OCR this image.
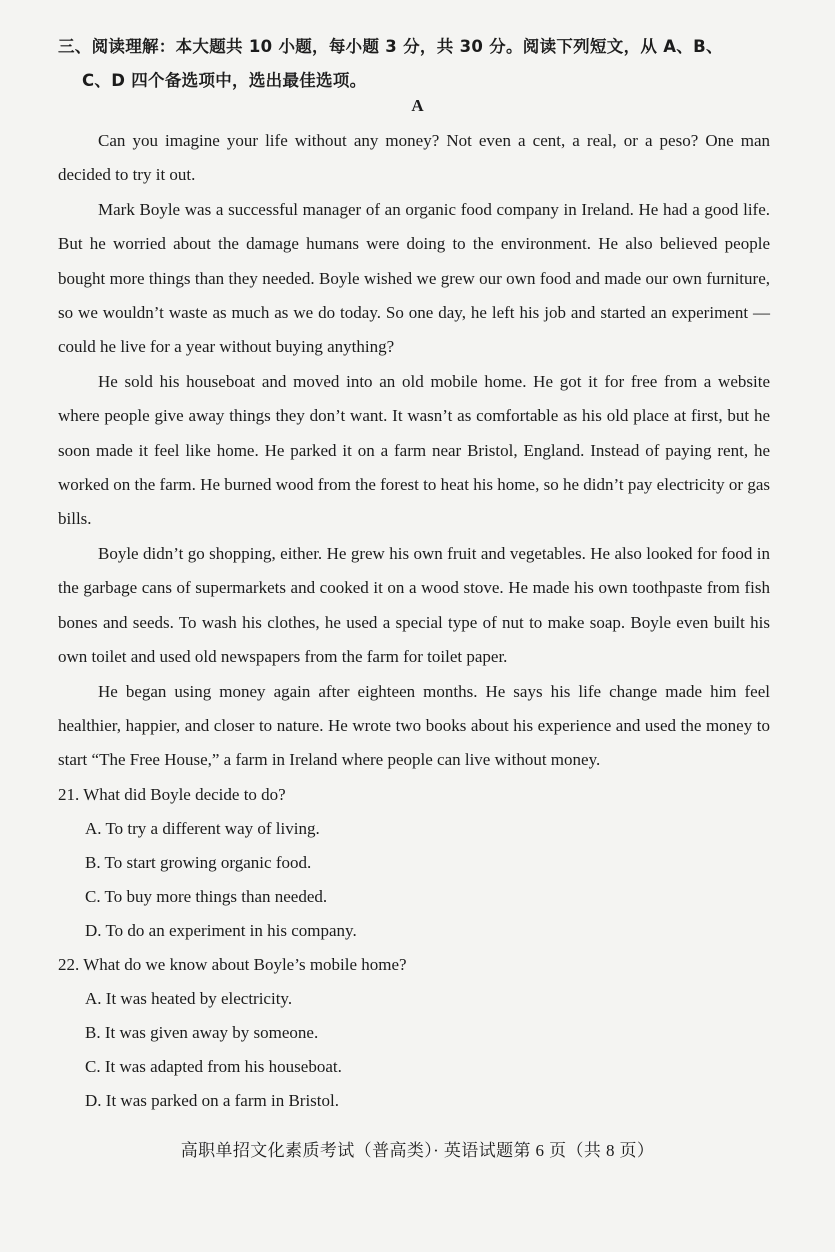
三、阅读理解：本大题共 10 小题，每小题 3 分，共 30 分。阅读下列短文，从 A、B、
C、D 四个备选项中，选出最佳选项。
A

Can you imagine your life without any money? Not even a cent, a real, or a peso? One man decided to try it out.

Mark Boyle was a successful manager of an organic food company in Ireland. He had a good life. But he worried about the damage humans were doing to the environment. He also believed people bought more things than they needed. Boyle wished we grew our own food and made our own furniture, so we wouldn’t waste as much as we do today. So one day, he left his job and started an experiment — could he live for a year without buying anything?

He sold his houseboat and moved into an old mobile home. He got it for free from a website where people give away things they don’t want. It wasn’t as comfortable as his old place at first, but he soon made it feel like home. He parked it on a farm near Bristol, England. Instead of paying rent, he worked on the farm. He burned wood from the forest to heat his home, so he didn’t pay electricity or gas bills.

Boyle didn’t go shopping, either. He grew his own fruit and vegetables. He also looked for food in the garbage cans of supermarkets and cooked it on a wood stove. He made his own toothpaste from fish bones and seeds. To wash his clothes, he used a special type of nut to make soap. Boyle even built his own toilet and used old newspapers from the farm for toilet paper.

He began using money again after eighteen months. He says his life change made him feel healthier, happier, and closer to nature. He wrote two books about his experience and used the money to start “The Free House,” a farm in Ireland where people can live without money.

21. What did Boyle decide to do?
A. To try a different way of living.
B. To start growing organic food.
C. To buy more things than needed.
D. To do an experiment in his company.
22. What do we know about Boyle’s mobile home?
A. It was heated by electricity.
B. It was given away by someone.
C. It was adapted from his houseboat.
D. It was parked on a farm in Bristol.
高职单招文化素质考试（普高类）· 英语试题第 6 页（共 8 页）
